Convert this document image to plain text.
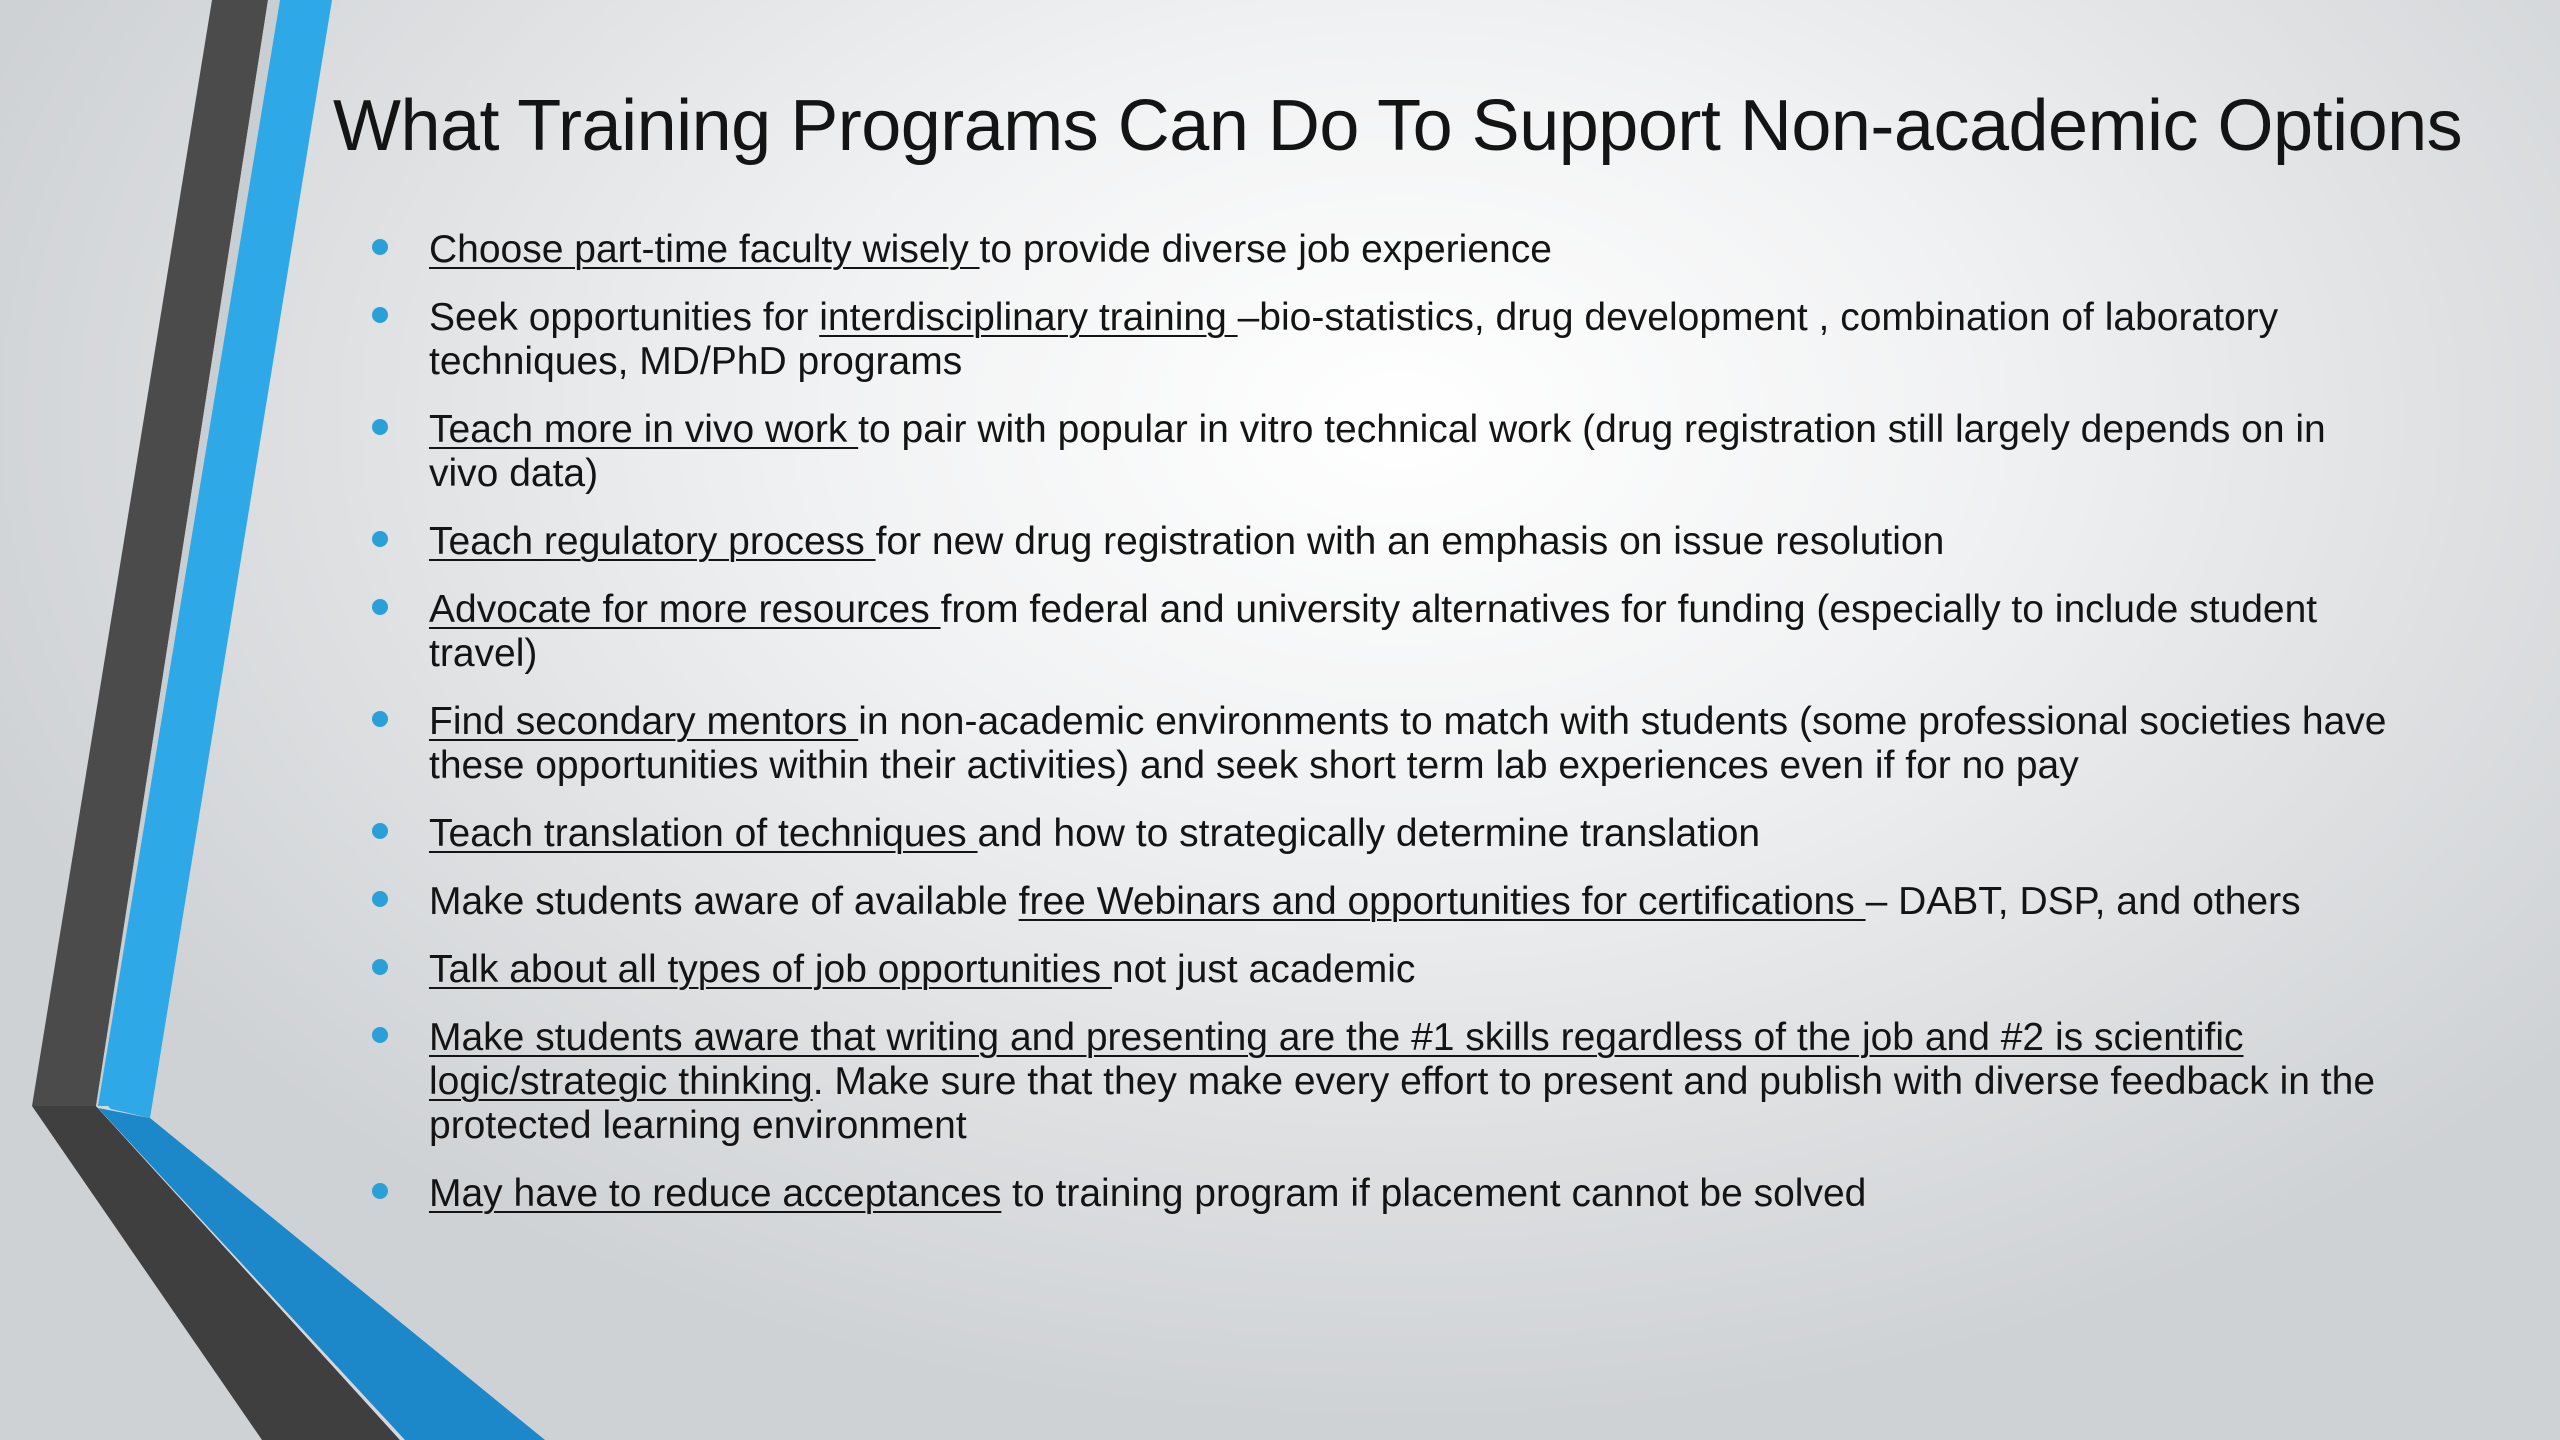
What Training Programs Can Do To Support Non-academic Options
Choose part-time faculty wisely to provide diverse job experience
Seek opportunities for interdisciplinary training –bio-statistics, drug development , combination of laboratory techniques, MD/PhD programs
Teach more in vivo work to pair with popular in vitro technical work (drug registration still largely depends on in vivo data)
Teach regulatory process for new drug registration with an emphasis on issue resolution
Advocate for more resources from federal and university alternatives for funding (especially to include student travel)
Find secondary mentors in non-academic environments to match with students (some professional societies have these opportunities within their activities) and seek short term lab experiences even if for no pay
Teach translation of techniques and how to strategically determine translation
Make students aware of available free Webinars and opportunities for certifications – DABT, DSP, and others
Talk about all types of job opportunities not just academic
Make students aware that writing and presenting are the #1 skills regardless of the job and #2 is scientific logic/strategic thinking. Make sure that they make every effort to present and publish with diverse feedback in the protected learning environment
May have to reduce acceptances to training program if placement cannot be solved
